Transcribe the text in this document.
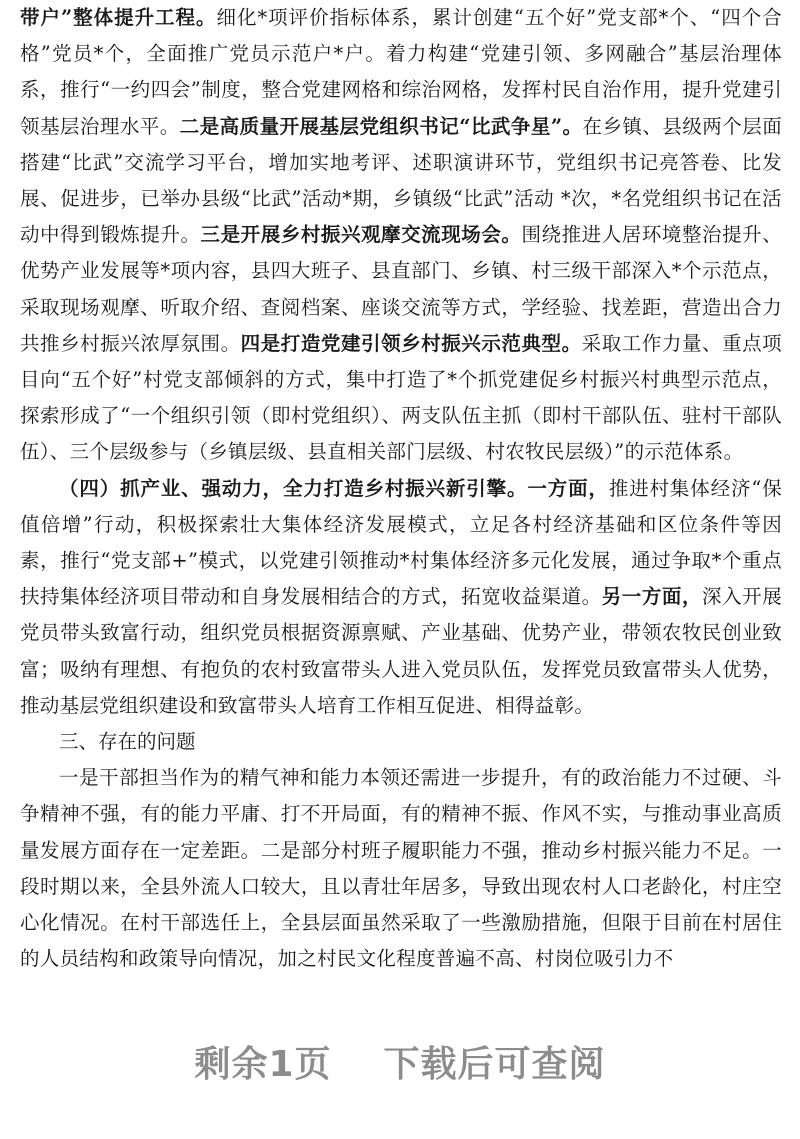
带户”整体提升工程。细化*项评价指标体系，累计创建“五个好”党支部*个、“四个合格”党员*个，全面推广党员示范户*户。着力构建“党建引领、多网融合”基层治理体系，推行“一约四会”制度，整合党建网格和综治网格，发挥村民自治作用，提升党建引领基层治理水平。二是高质量开展基层党组织书记“比武争星”。在乡镇、县级两个层面搭建“比武”交流学习平台，增加实地考评、述职演讲环节，党组织书记亮答卷、比发展、促进步，已举办县级“比武”活动*期，乡镇级“比武”活动 *次，*名党组织书记在活动中得到锻炼提升。三是开展乡村振兴观摩交流现场会。围绕推进人居环境整治提升、优势产业发展等*项内容，县四大班子、县直部门、乡镇、村三级干部深入*个示范点，采取现场观摩、听取介绍、查阅档案、座谈交流等方式，学经验、找差距，营造出合力共推乡村振兴浓厚氛围。四是打造党建引领乡村振兴示范典型。采取工作力量、重点项目向“五个好”村党支部倾斜的方式，集中打造了*个抓党建促乡村振兴村典型示范点，探索形成了“一个组织引领（即村党组织）、两支队伍主抓（即村干部队伍、驻村干部队伍）、三个层级参与（乡镇层级、县直相关部门层级、村农牧民层级）”的示范体系。

（四）抓产业、强动力，全力打造乡村振兴新引擎。一方面，推进村集体经济“保值倍增”行动，积极探索壮大集体经济发展模式，立足各村经济基础和区位条件等因素，推行“党支部+”模式，以党建引领推动*村集体经济多元化发展，通过争取*个重点扶持集体经济项目带动和自身发展相结合的方式，拓宽收益渠道。另一方面，深入开展党员带头致富行动，组织党员根据资源禀赋、产业基础、优势产业，带领农牧民创业致富；吸纳有理想、有抱负的农村致富带头人进入党员队伍，发挥党员致富带头人优势，推动基层党组织建设和致富带头人培育工作相互促进、相得益彰。

三、存在的问题

一是干部担当作为的精气神和能力本领还需进一步提升，有的政治能力不过硬、斗争精神不强，有的能力平庸、打不开局面，有的精神不振、作风不实，与推动事业高质量发展方面存在一定差距。二是部分村班子履职能力不强，推动乡村振兴能力不足。一段时期以来，全县外流人口较大，且以青壮年居多，导致出现农村人口老龄化，村庄空心化情况。在村干部选任上，全县层面虽然采取了一些激励措施，但限于目前在村居住的人员结构和政策导向情况，加之村民文化程度普遍不高、村岗位吸引力不

剩余1页 下载后可查阅
